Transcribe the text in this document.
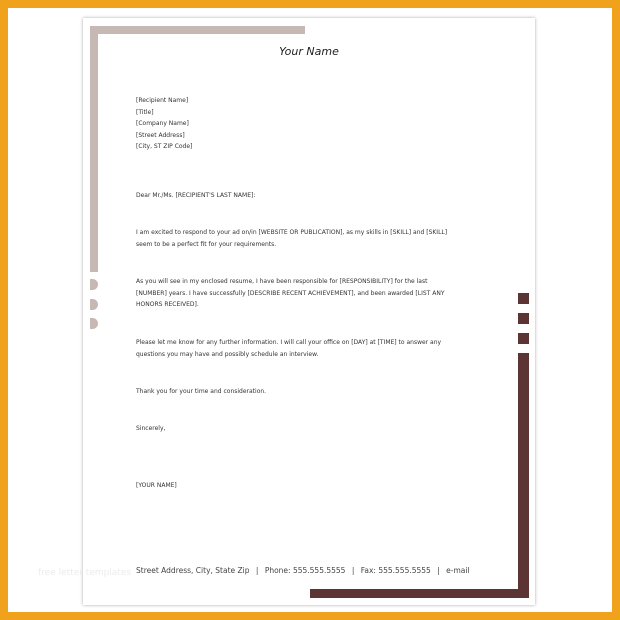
Your Name
[Recipient Name]
[Title]
[Company Name]
[Street Address]
[City, ST ZIP Code]
Dear Mr./Ms. [RECIPIENT'S LAST NAME]:
I am excited to respond to your ad on/in [WEBSITE OR PUBLICATION], as my skills in [SKILL] and [SKILL]
seem to be a perfect fit for your requirements.
As you will see in my enclosed resume, I have been responsible for [RESPONSIBILITY] for the last
[NUMBER] years. I have successfully [DESCRIBE RECENT ACHIEVEMENT], and been awarded [LIST ANY
HONORS RECEIVED].
Please let me know for any further information. I will call your office on [DAY] at [TIME] to answer any
questions you may have and possibly schedule an interview.
Thank you for your time and consideration.
Sincerely,
[YOUR NAME]
Street Address, City, State Zip | Phone: 555.555.5555 | Fax: 555.555.5555 | e-mail
free letter templates
